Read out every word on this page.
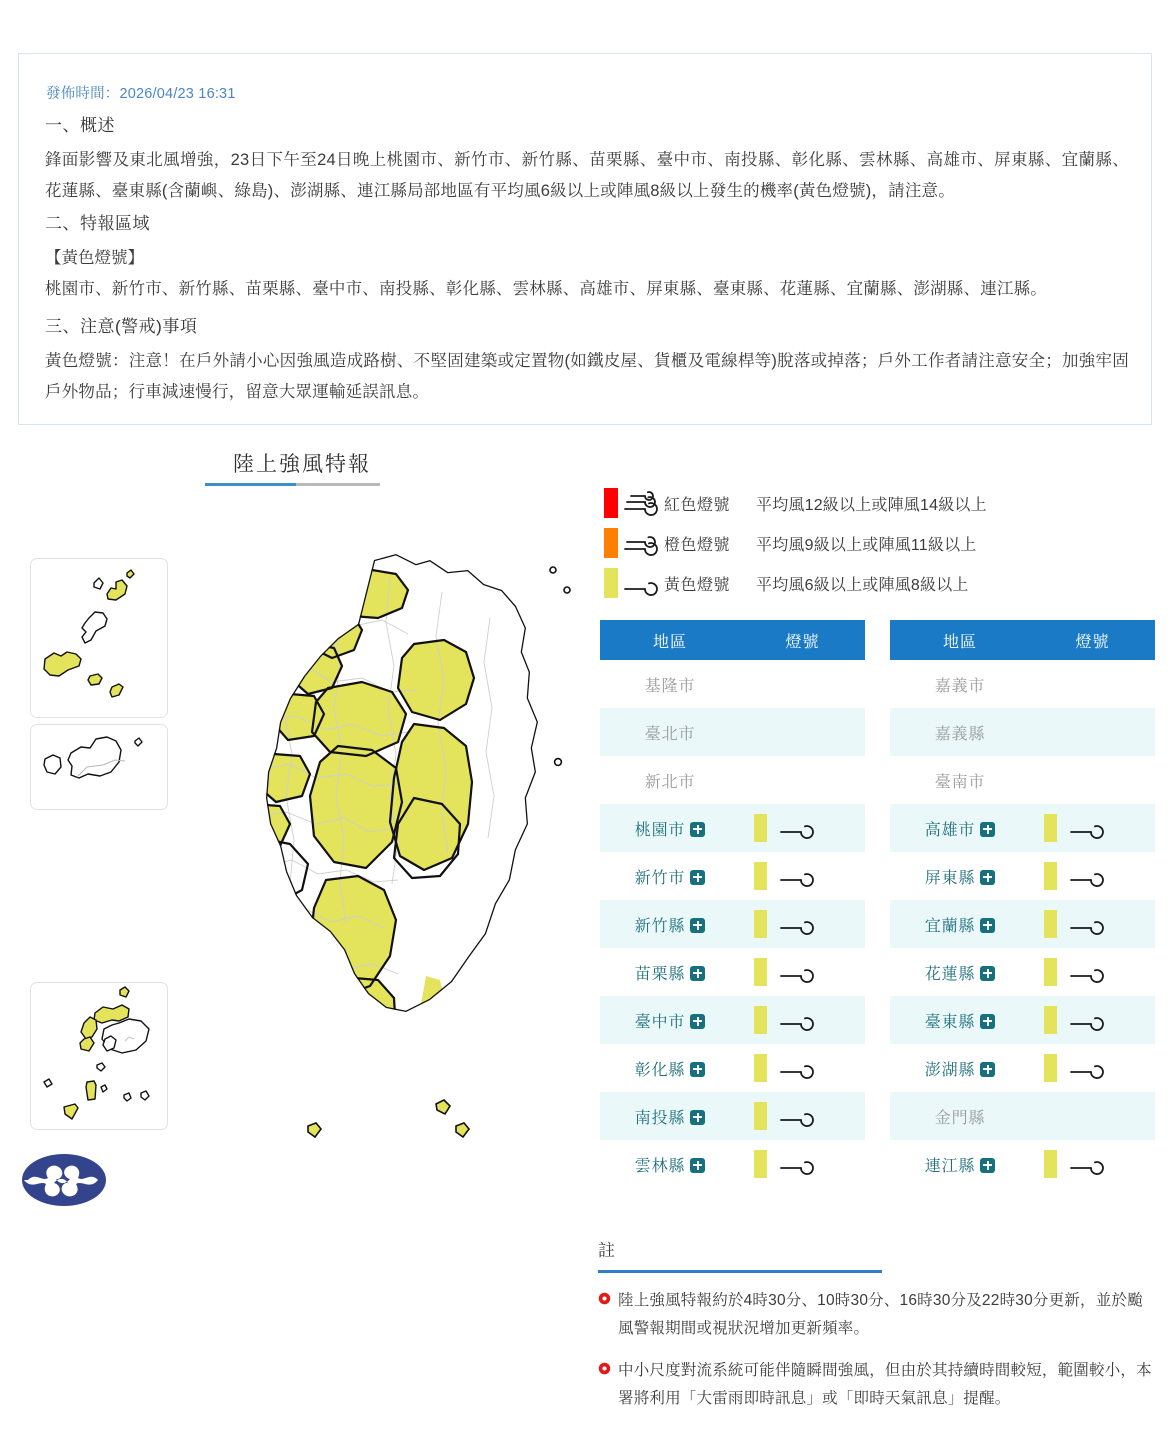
發佈時間：2026/04/23 16:31
一、概述
鋒面影響及東北風增強，23日下午至24日晚上桃園市、新竹市、新竹縣、苗栗縣、臺中市、南投縣、彰化縣、雲林縣、高雄市、屏東縣、宜蘭縣、花蓮縣、臺東縣(含蘭嶼、綠島)、澎湖縣、連江縣局部地區有平均風6級以上或陣風8級以上發生的機率(黃色燈號)，請注意。
二、特報區域
【黃色燈號】
桃園市、新竹市、新竹縣、苗栗縣、臺中市、南投縣、彰化縣、雲林縣、高雄市、屏東縣、臺東縣、花蓮縣、宜蘭縣、澎湖縣、連江縣。
三、注意(警戒)事項
黃色燈號：注意！在戶外請小心因強風造成路樹、不堅固建築或定置物(如鐵皮屋、貨櫃及電線桿等)脫落或掉落；戶外工作者請注意安全；加強牢固戶外物品；行車減速慢行，留意大眾運輸延誤訊息。
陸上強風特報
紅色燈號	平均風12級以上或陣風14級以上
橙色燈號	平均風9級以上或陣風11級以上
黃色燈號	平均風6級以上或陣風8級以上
地區	燈號
基隆市
臺北市
新北市
桃園市
新竹市
新竹縣
苗栗縣
臺中市
彰化縣
南投縣
雲林縣
地區	燈號
嘉義市
嘉義縣
臺南市
高雄市
屏東縣
宜蘭縣
花蓮縣
臺東縣
澎湖縣
金門縣
連江縣
註
陸上強風特報約於4時30分、10時30分、16時30分及22時30分更新，並於颱風警報期間或視狀況增加更新頻率。
中小尺度對流系統可能伴隨瞬間強風，但由於其持續時間較短，範圍較小，本署將利用「大雷雨即時訊息」或「即時天氣訊息」提醒。
